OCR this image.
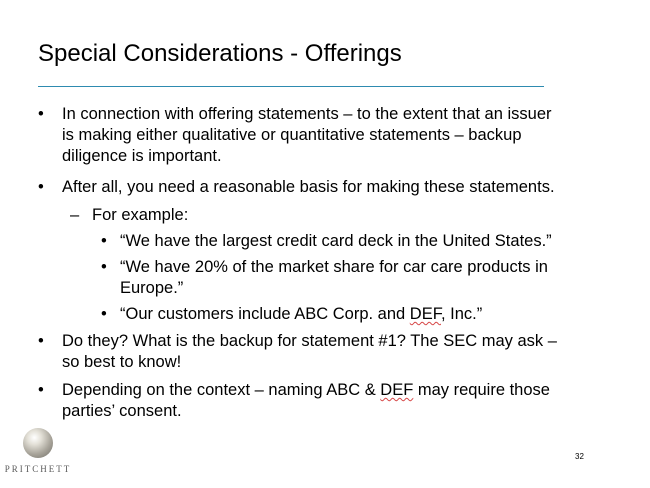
Special Considerations - Offerings
• In connection with offering statements – to the extent that an issuer
is making either qualitative or quantitative statements – backup
diligence is important.
• After all, you need a reasonable basis for making these statements.
– For example:
• “We have the largest credit card deck in the United States.”
• “We have 20% of the market share for car care products in
Europe.”
• “Our customers include ABC Corp. and DEF, Inc.”
• Do they? What is the backup for statement #1? The SEC may ask –
so best to know!
• Depending on the context – naming ABC & DEF may require those
parties’ consent.
PRITCHETT
32
